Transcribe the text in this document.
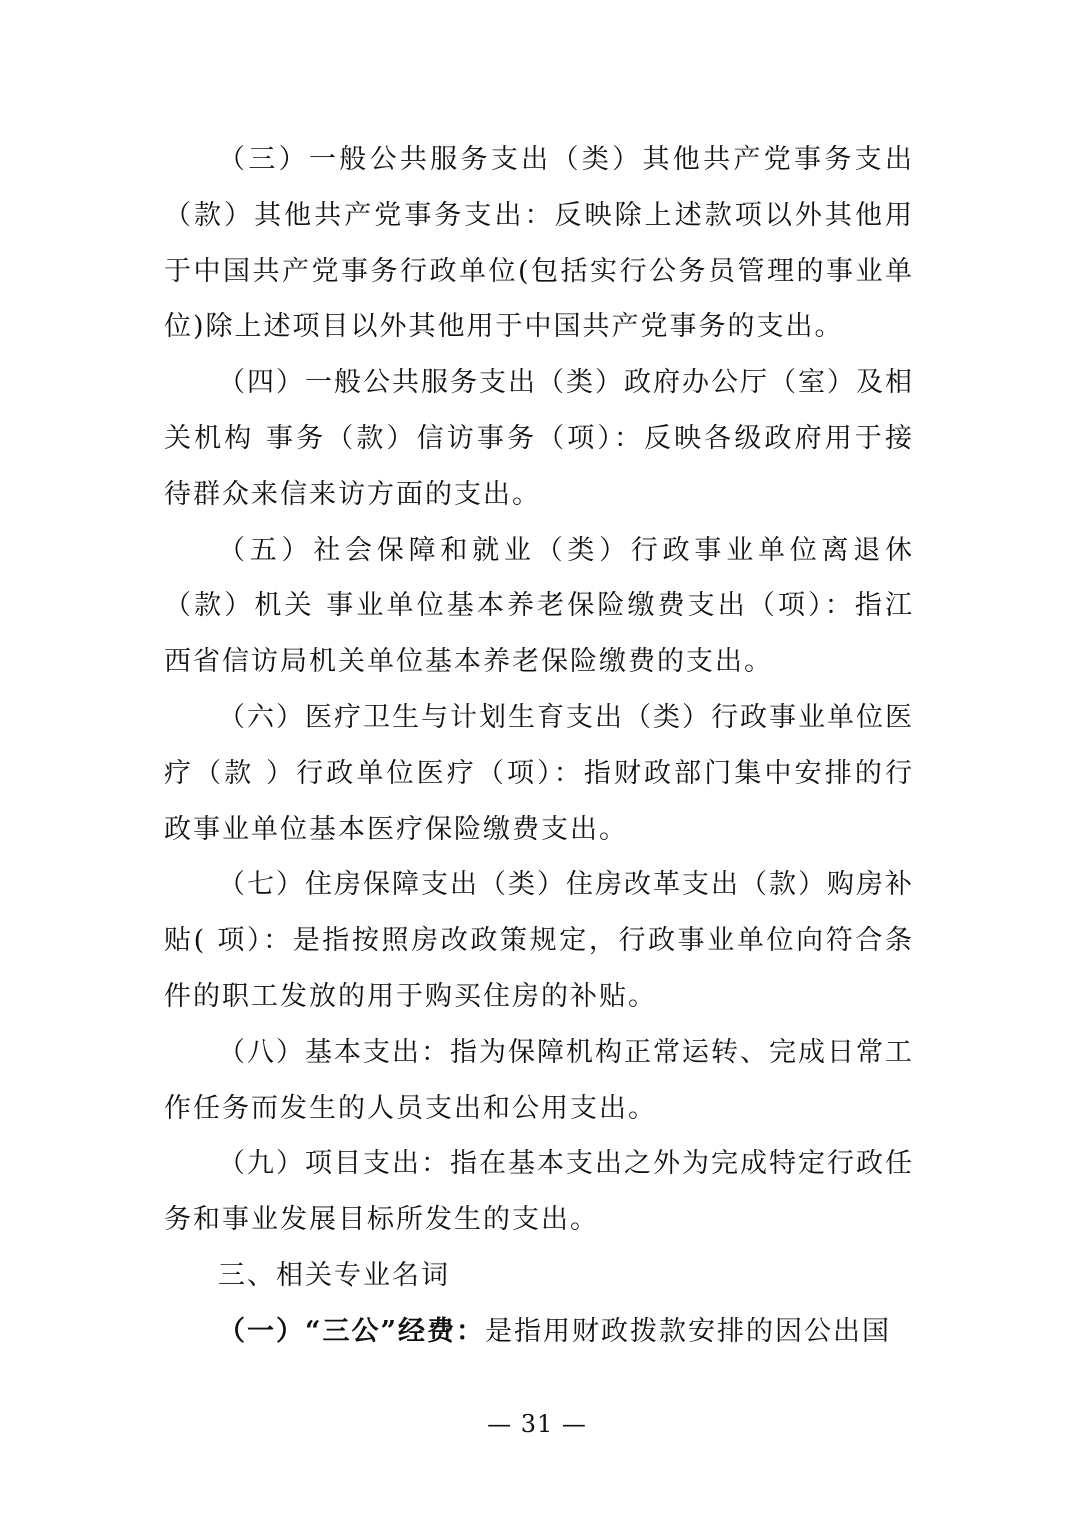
（三）一般公共服务支出（类）其他共产党事务支出（款）其他共产党事务支出：反映除上述款项以外其他用于中国共产党事务行政单位(包括实行公务员管理的事业单位)除上述项目以外其他用于中国共产党事务的支出。

（四）一般公共服务支出（类）政府办公厅（室）及相关机构 事务（款）信访事务（项）：反映各级政府用于接待群众来信来访方面的支出。

（五）社会保障和就业（类）行政事业单位离退休（款）机关 事业单位基本养老保险缴费支出（项）：指江西省信访局机关单位基本养老保险缴费的支出。

（六）医疗卫生与计划生育支出（类）行政事业单位医疗（款 ）行政单位医疗（项）：指财政部门集中安排的行政事业单位基本医疗保险缴费支出。

（七）住房保障支出（类）住房改革支出（款）购房补贴( 项）：是指按照房改政策规定，行政事业单位向符合条件的职工发放的用于购买住房的补贴。

（八）基本支出：指为保障机构正常运转、完成日常工作任务而发生的人员支出和公用支出。

（九）项目支出：指在基本支出之外为完成特定行政任务和事业发展目标所发生的支出。

三、相关专业名词

（一）“三公”经费：是指用财政拨款安排的因公出国

— 31 —
